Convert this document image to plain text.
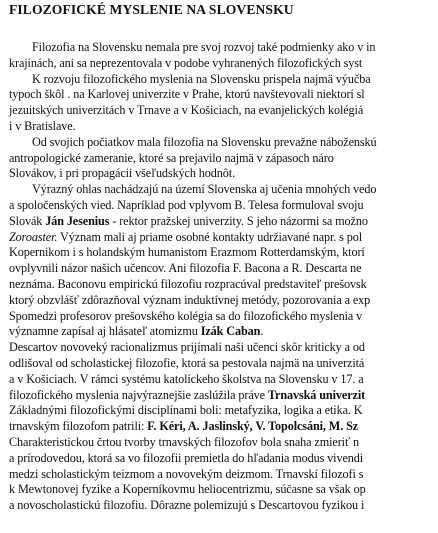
FILOZOFICKÉ MYSLENIE NA SLOVENSKU
Filozofia na Slovensku nemala pre svoj rozvoj také podmienky ako v in
krajinách, ani sa neprezentovala v podobe vyhranených filozofických syst
K rozvoju filozofického myslenia na Slovensku prispela najmä výučba
typoch škôl . na Karlovej univerzite v Prahe, ktorú navštevovali niektorí sl
jezuitských univerzitách v Trnave a v Košiciach, na evanjelických kolégiá
i v Bratislave.
Od svojich počiatkov mala filozofia na Slovensku prevažne náboženskú
antropologické zameranie, ktoré sa prejavilo najmä v zápasoch náro
Slovákov, i pri propagácii všeľudských hodnôt.
Výrazný ohlas nachádzajú na území Slovenska aj učenia mnohých vedo
a spoločenských vied. Napríklad pod vplyvom B. Telesa formuloval svoju
Slovák Ján Jesenius - rektor pražskej univerzity. S jeho názormi sa možno
Zoroaster. Význam mali aj priame osobné kontakty udržiavané napr. s pol
Kopernikom i s holandským humanistom Erazmom Rotterdamským, ktorí
ovplyvnili názor našich učencov. Ani filozofia F. Bacona a R. Descarta ne
neznáma. Baconovu empirickú filozofiu rozpracúval predstaviteľ prešovsk
ktorý obzvlášť zdôrazňoval význam induktívnej metódy, pozorovania a exp
Spomedzi profesorov prešovského kolégia sa do filozofického myslenia v
významne zapísal aj hlásateľ atomizmu Izák Caban.
Descartov novoveký racionalizmus prijímali naši učenci skôr kriticky a od
odlišoval od scholastickej filozofie, ktorá sa pestovala najmä na univerzitá
a v Košiciach. V rámci systému katolíckeho školstva na Slovensku v 17. a
filozofického myslenia najvýraznejšie zaslúžila práve Trnavská univerzit
Základnými filozofickými disciplínami boli: metafyzika, logika a etika. K
trnavským filozofom patrili: F. Kéri, A. Jaslinský, V. Topolcsáni, M. Sz
Charakteristickou črtou tvorby trnavských filozofov bola snaha zmieriť n
a prírodovedou, ktorá sa vo filozofii premietla do hľadania modus vivendi
medzi scholastickým teizmom a novovekým deizmom. Trnavskí filozofi s
k Mewtonovej fyzike a Koperníkovmu heliocentrizmu, súčasne sa však op
a novoscholastickú filozofiu. Dôrazne polemizujú s Descartovou fyzikou i
